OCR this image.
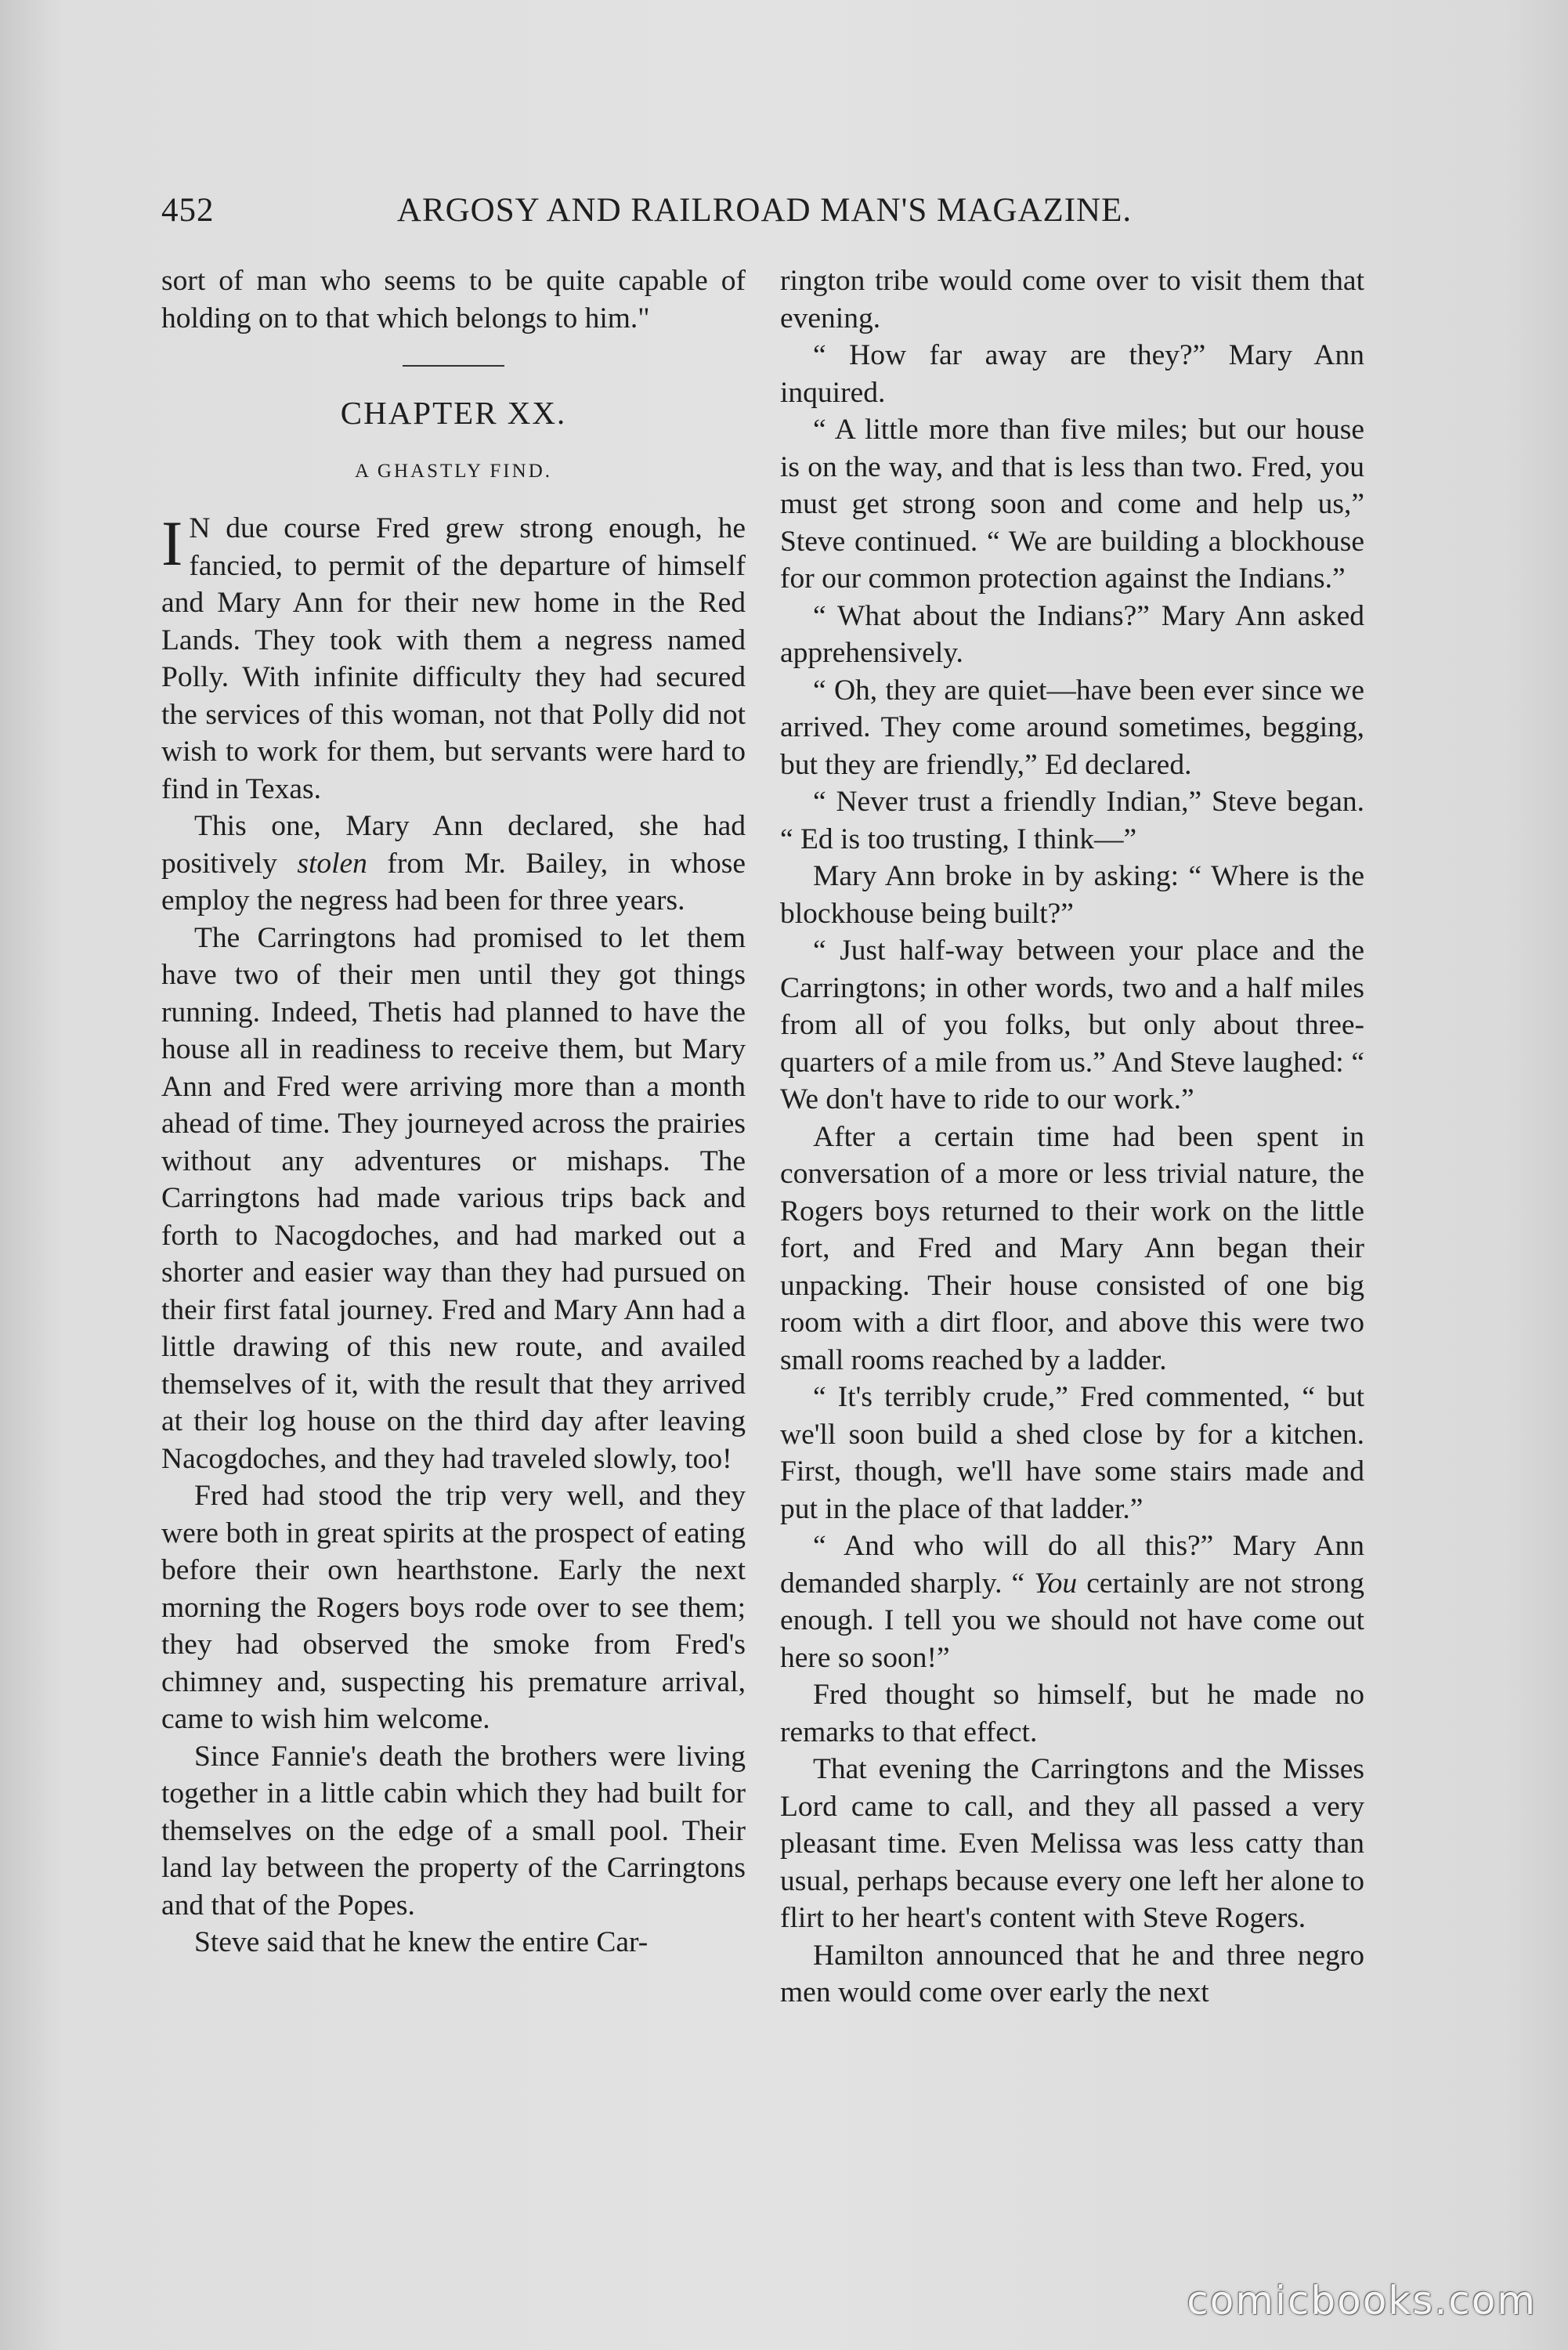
452	ARGOSY AND RAILROAD MAN'S MAGAZINE.

sort of man who seems to be quite capable of holding on to that which belongs to him."

CHAPTER XX.
A GHASTLY FIND.

I N due course Fred grew strong enough, he fancied, to permit of the departure of himself and Mary Ann for their new home in the Red Lands. They took with them a negress named Polly. With infinite difficulty they had secured the services of this woman, not that Polly did not wish to work for them, but servants were hard to find in Texas.

This one, Mary Ann declared, she had positively stolen from Mr. Bailey, in whose employ the negress had been for three years.

The Carringtons had promised to let them have two of their men until they got things running. Indeed, Thetis had planned to have the house all in readiness to receive them, but Mary Ann and Fred were arriving more than a month ahead of time. They journeyed across the prairies without any adventures or mishaps. The Carringtons had made various trips back and forth to Nacogdoches, and had marked out a shorter and easier way than they had pursued on their first fatal journey. Fred and Mary Ann had a little drawing of this new route, and availed themselves of it, with the result that they arrived at their log house on the third day after leaving Nacogdoches, and they had traveled slowly, too!

Fred had stood the trip very well, and they were both in great spirits at the prospect of eating before their own hearthstone. Early the next morning the Rogers boys rode over to see them; they had observed the smoke from Fred's chimney and, suspecting his premature arrival, came to wish him welcome.

Since Fannie's death the brothers were living together in a little cabin which they had built for themselves on the edge of a small pool. Their land lay between the property of the Carringtons and that of the Popes.

Steve said that he knew the entire Car-

rington tribe would come over to visit them that evening.

“ How far away are they?” Mary Ann inquired.

“ A little more than five miles; but our house is on the way, and that is less than two. Fred, you must get strong soon and come and help us,” Steve continued. “ We are building a blockhouse for our common protection against the Indians.”

“ What about the Indians?” Mary Ann asked apprehensively.

“ Oh, they are quiet—have been ever since we arrived. They come around sometimes, begging, but they are friendly,” Ed declared.

“ Never trust a friendly Indian,” Steve began. “ Ed is too trusting, I think—”

Mary Ann broke in by asking: “ Where is the blockhouse being built?”

“ Just half-way between your place and the Carringtons; in other words, two and a half miles from all of you folks, but only about three-quarters of a mile from us.” And Steve laughed: “ We don't have to ride to our work.”

After a certain time had been spent in conversation of a more or less trivial nature, the Rogers boys returned to their work on the little fort, and Fred and Mary Ann began their unpacking. Their house consisted of one big room with a dirt floor, and above this were two small rooms reached by a ladder.

“ It's terribly crude,” Fred commented, “ but we'll soon build a shed close by for a kitchen. First, though, we'll have some stairs made and put in the place of that ladder.”

“ And who will do all this?” Mary Ann demanded sharply. “ You certainly are not strong enough. I tell you we should not have come out here so soon!”

Fred thought so himself, but he made no remarks to that effect.

That evening the Carringtons and the Misses Lord came to call, and they all passed a very pleasant time. Even Melissa was less catty than usual, perhaps because every one left her alone to flirt to her heart's content with Steve Rogers.

Hamilton announced that he and three negro men would come over early the next

comicbooks.com
